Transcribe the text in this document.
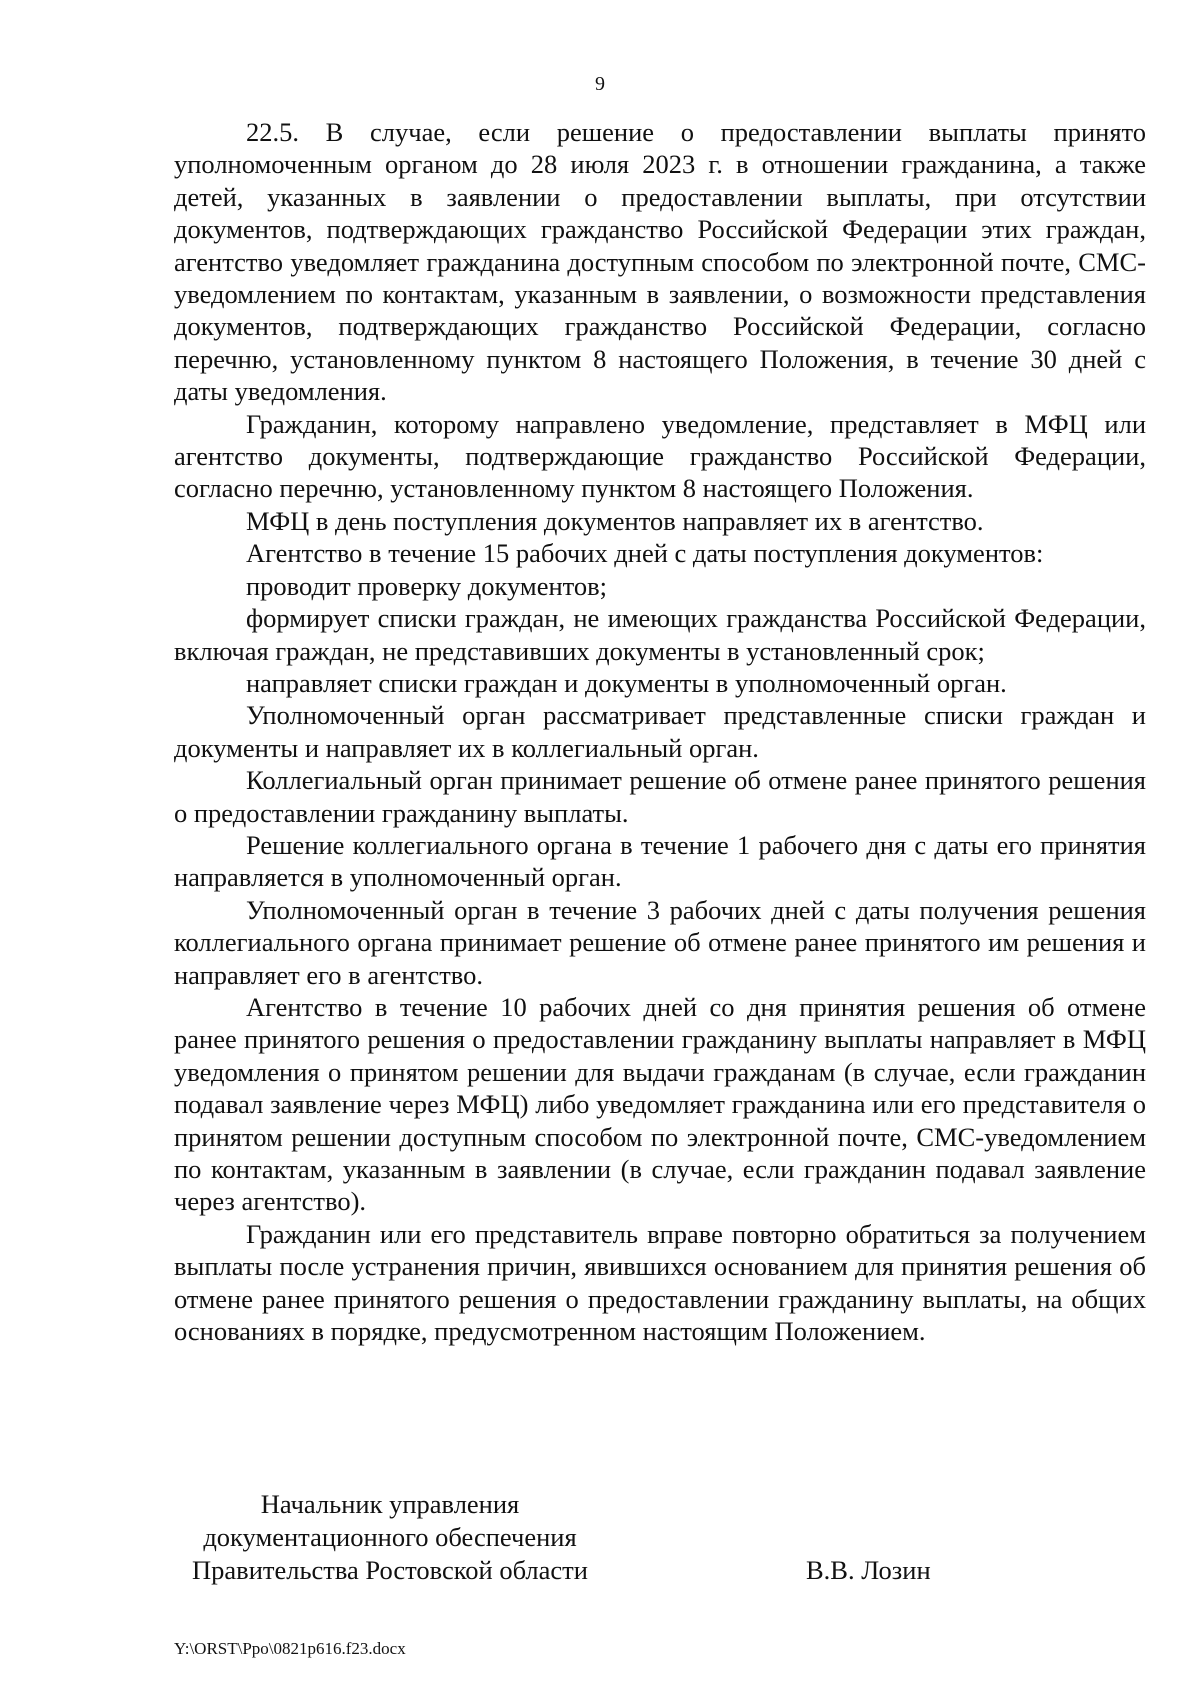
9

22.5. В случае, если решение о предоставлении выплаты принято уполномоченным органом до 28 июля 2023 г. в отношении гражданина, а также детей, указанных в заявлении о предоставлении выплаты, при отсутствии документов, подтверждающих гражданство Российской Федерации этих граждан, агентство уведомляет гражданина доступным способом по электронной почте, СМС-уведомлением по контактам, указанным в заявлении, о возможности представления документов, подтверждающих гражданство Российской Федерации, согласно перечню, установленному пунктом 8 настоящего Положения, в течение 30 дней с даты уведомления.

Гражданин, которому направлено уведомление, представляет в МФЦ или агентство документы, подтверждающие гражданство Российской Федерации, согласно перечню, установленному пунктом 8 настоящего Положения.

МФЦ в день поступления документов направляет их в агентство.

Агентство в течение 15 рабочих дней с даты поступления документов:

проводит проверку документов;

формирует списки граждан, не имеющих гражданства Российской Федерации, включая граждан, не представивших документы в установленный срок;

направляет списки граждан и документы в уполномоченный орган.

Уполномоченный орган рассматривает представленные списки граждан и документы и направляет их в коллегиальный орган.

Коллегиальный орган принимает решение об отмене ранее принятого решения о предоставлении гражданину выплаты.

Решение коллегиального органа в течение 1 рабочего дня с даты его принятия направляется в уполномоченный орган.

Уполномоченный орган в течение 3 рабочих дней с даты получения решения коллегиального органа принимает решение об отмене ранее принятого им решения и направляет его в агентство.

Агентство в течение 10 рабочих дней со дня принятия решения об отмене ранее принятого решения о предоставлении гражданину выплаты направляет в МФЦ уведомления о принятом решении для выдачи гражданам (в случае, если гражданин подавал заявление через МФЦ) либо уведомляет гражданина или его представителя о принятом решении доступным способом по электронной почте, СМС-уведомлением по контактам, указанным в заявлении (в случае, если гражданин подавал заявление через агентство).

Гражданин или его представитель вправе повторно обратиться за получением выплаты после устранения причин, явившихся основанием для принятия решения об отмене ранее принятого решения о предоставлении гражданину выплаты, на общих основаниях в порядке, предусмотренном настоящим Положением.

Начальник управления
документационного обеспечения
Правительства Ростовской области	В.В. Лозин
Y:\ORST\Ppo\0821p616.f23.docx
